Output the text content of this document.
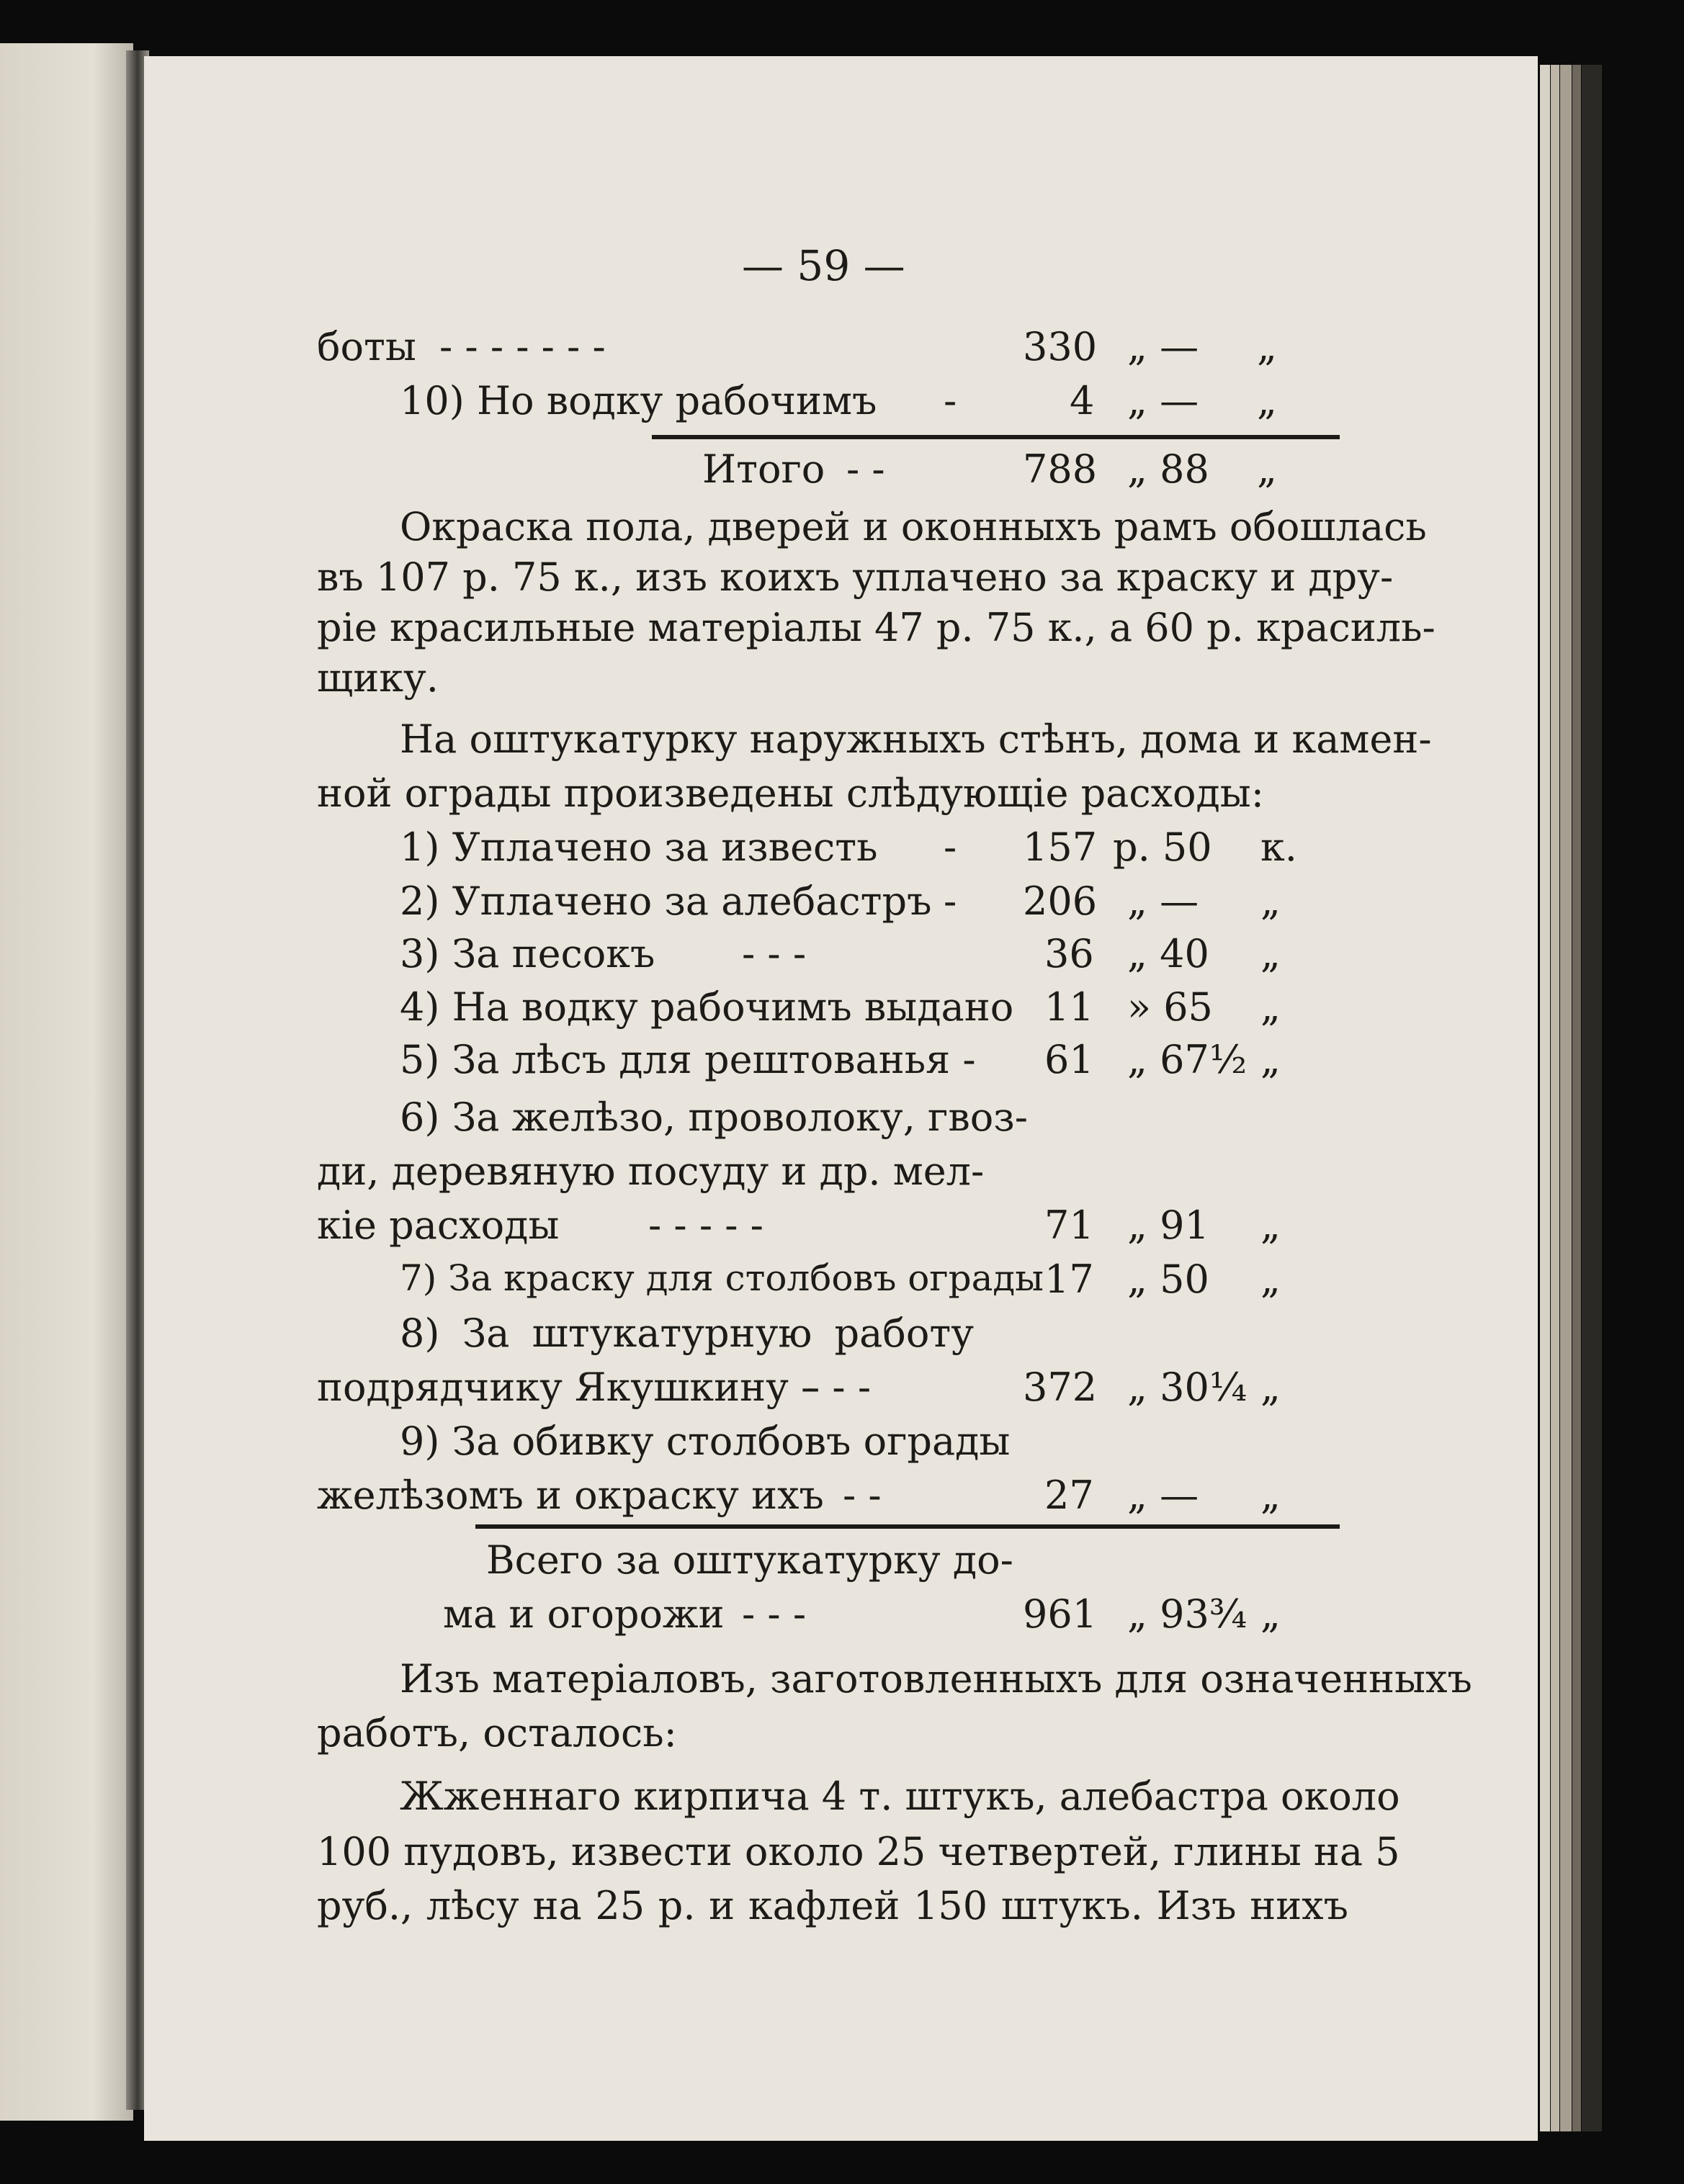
— 59 —
боты - - - - - - -	330 „ — „
10) Но водку рабочимъ -	4 „ — „
Итого - -	788 „ 88 „
Окраска пола, дверей и оконныхъ рамъ обошлась
въ 107 р. 75 к., изъ коихъ уплачено за краску и дру-
ріе красильные матеріалы 47 р. 75 к., а 60 р. красиль-
щику.
На оштукатурку наружныхъ стѣнъ, дома и камен-
ной ограды произведены слѣдующіе расходы:
1) Уплачено за известь - 157 р. 50 к.
2) Уплачено за алебастръ - 206 „ — „
3) За песокъ - - -	36 „ 40 „
4) На водку рабочимъ выдано 11 » 65 „
5) За лѣсъ для рештованья - 61 „ 67½ „
6) За желѣзо, проволоку, гвоз-
ди, деревяную посуду и др. мел-
кіе расходы - - - - -	71 „ 91 „
7) За краску для столбовъ ограды 17 „ 50 „
8) За штукатурную работу
подрядчику Якушкину -
- - -	372 „ 30¼ „
9) За обивку столбовъ ограды
желѣзомъ и окраску ихъ - -	27 „ — „
Всего за оштукатурку до-
ма и огорожи - - -	961 „ 93¾ „
Изъ матеріаловъ, заготовленныхъ для означенныхъ
работъ, осталось:
Жженнаго кирпича 4 т. штукъ, алебастра около
100 пудовъ, извести около 25 четвертей, глины на 5
руб., лѣсу на 25 р. и кафлей 150 штукъ. Изъ нихъ
